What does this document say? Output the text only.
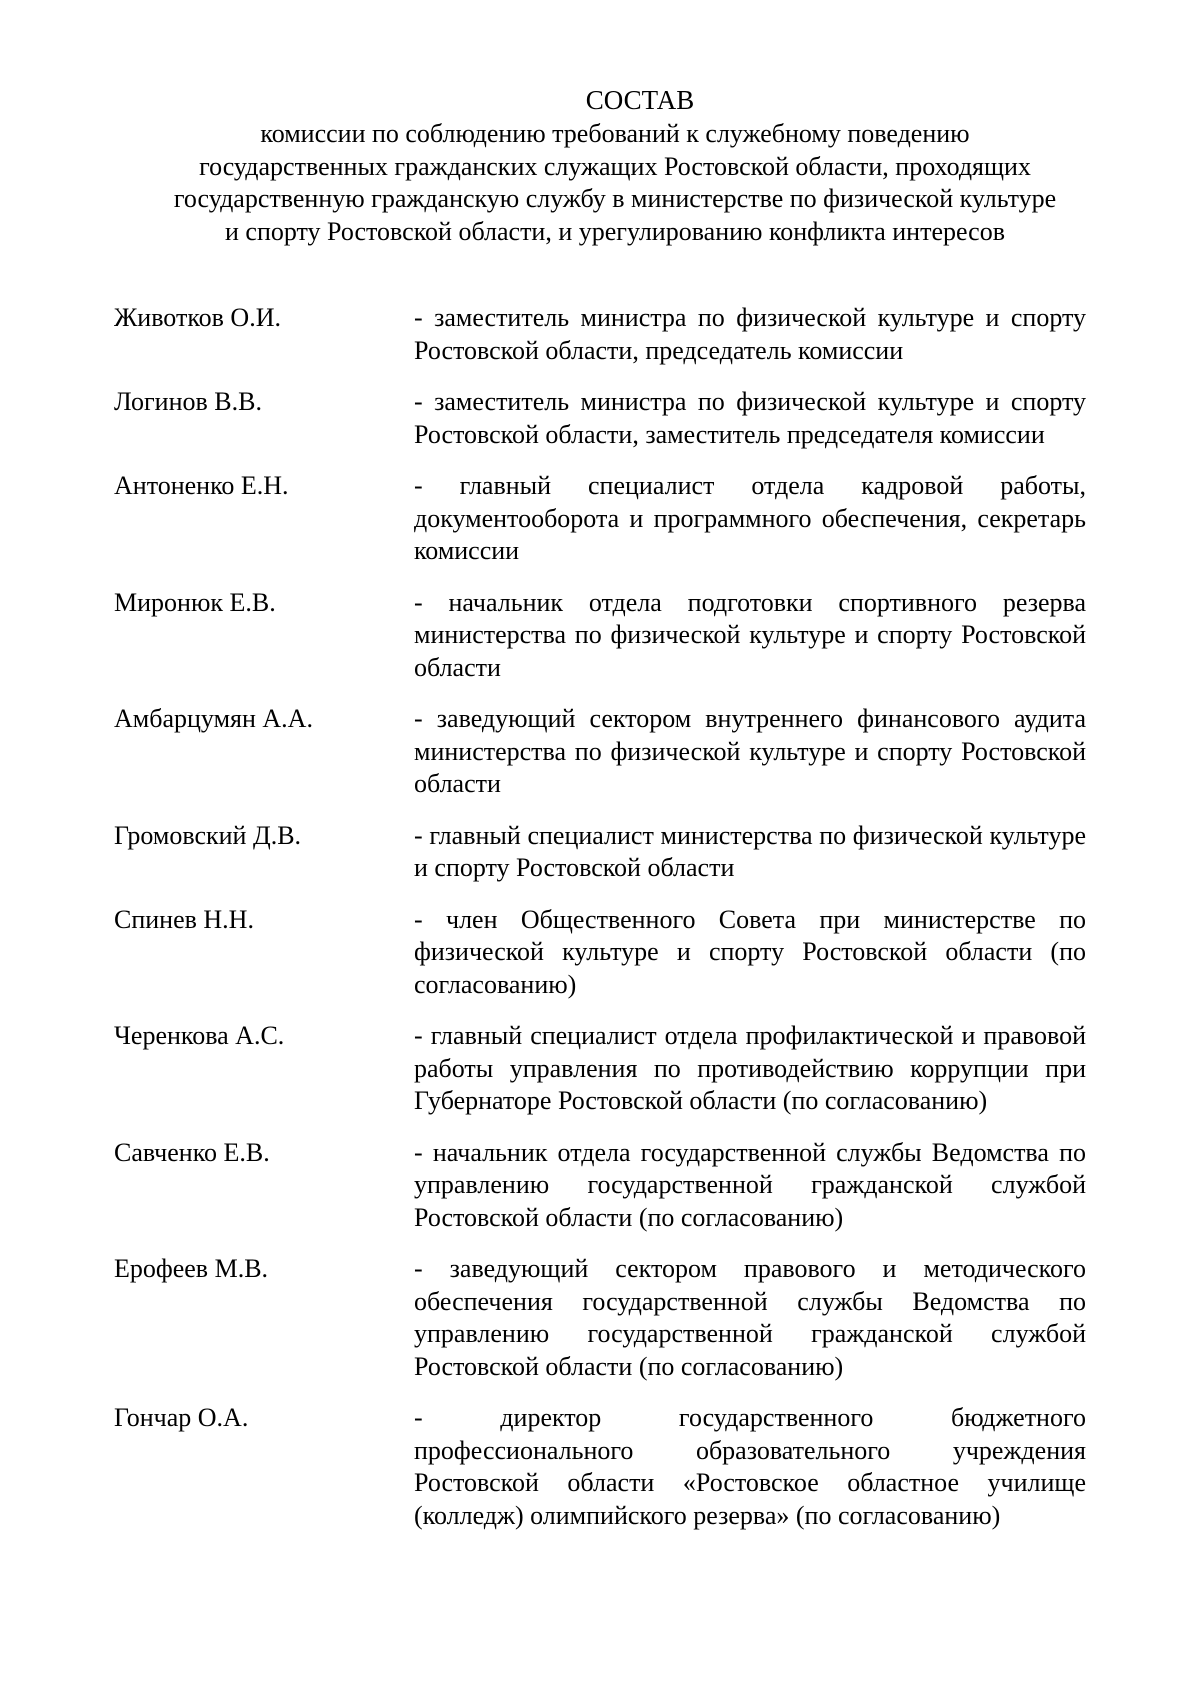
СОСТАВ
комиссии по соблюдению требований к служебному поведению
государственных гражданских служащих Ростовской области, проходящих
государственную гражданскую службу в министерстве по физической культуре
и спорту Ростовской области, и урегулированию конфликта интересов
Животков О.И.	- заместитель министра по физической культуре и спорту Ростовской области, председатель комиссии
Логинов В.В.	- заместитель министра по физической культуре и спорту Ростовской области, заместитель председателя комиссии
Антоненко Е.Н.	- главный специалист отдела кадровой работы, документооборота и программного обеспечения, секретарь комиссии
Миронюк Е.В.	- начальник отдела подготовки спортивного резерва министерства по физической культуре и спорту Ростовской области
Амбарцумян А.А.	- заведующий сектором внутреннего финансового аудита министерства по физической культуре и спорту Ростовской области
Громовский Д.В.	- главный специалист министерства по физической культуре и спорту Ростовской области
Спинев Н.Н.	- член Общественного Совета при министерстве по физической культуре и спорту Ростовской области (по согласованию)
Черенкова А.С.	- главный специалист отдела профилактической и правовой работы управления по противодействию коррупции при Губернаторе Ростовской области (по согласованию)
Савченко Е.В.	- начальник отдела государственной службы Ведомства по управлению государственной гражданской службой Ростовской области (по согласованию)
Ерофеев М.В.	- заведующий сектором правового и методического обеспечения государственной службы Ведомства по управлению государственной гражданской службой Ростовской области (по согласованию)
Гончар О.А.	- директор государственного бюджетного профессионального образовательного учреждения Ростовской области «Ростовское областное училище (колледж) олимпийского резерва» (по согласованию)
